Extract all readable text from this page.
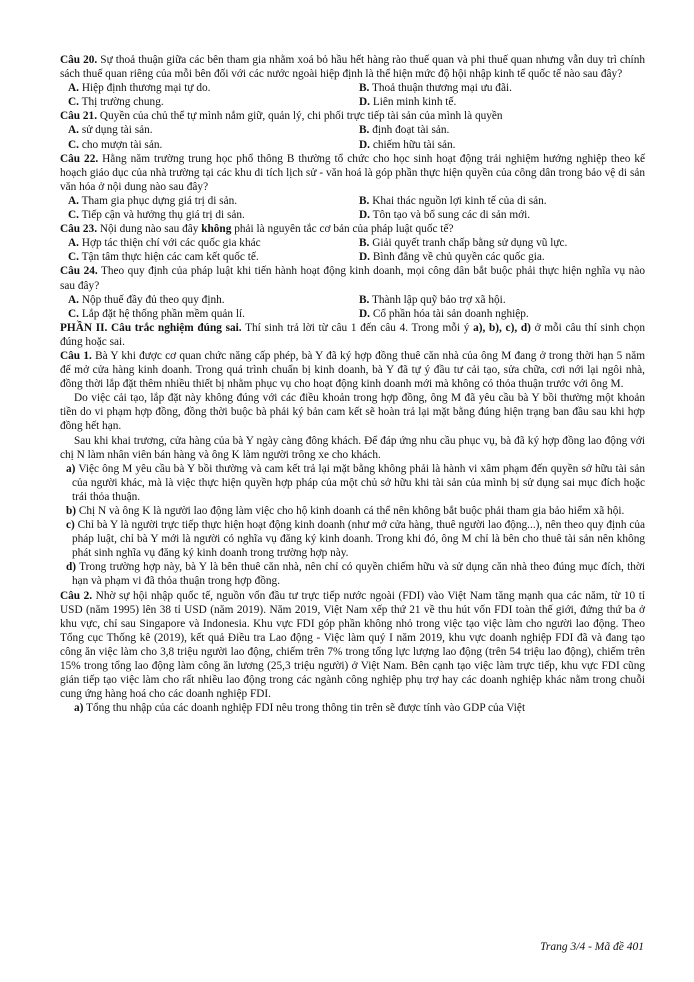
Câu 20. Sự thoả thuận giữa các bên tham gia nhằm xoá bỏ hầu hết hàng rào thuế quan và phi thuế quan nhưng vẫn duy trì chính sách thuế quan riêng của mỗi bên đối với các nước ngoài hiệp định là thể hiện mức độ hội nhập kinh tế quốc tế nào sau đây?

A. Hiệp định thương mại tự do.	B. Thoả thuận thương mại ưu đãi.
C. Thị trường chung.	D. Liên minh kinh tế.

Câu 21. Quyền của chủ thể tự mình nắm giữ, quản lý, chi phối trực tiếp tài sản của mình là quyền

A. sử dụng tài sản.	B. định đoạt tài sản.
C. cho mượn tài sản.	D. chiếm hữu tài sản.

Câu 22. Hằng năm trường trung học phổ thông B thường tổ chức cho học sinh hoạt động trải nghiệm hướng nghiệp theo kế hoạch giáo dục của nhà trường tại các khu di tích lịch sử - văn hoá là góp phần thực hiện quyền của công dân trong bảo vệ di sản văn hóa ở nội dung nào sau đây?

A. Tham gia phục dựng giá trị di sản.	B. Khai thác nguồn lợi kinh tế của di sản.
C. Tiếp cận và hưởng thụ giá trị di sản.	D. Tôn tạo và bổ sung các di sản mới.

Câu 23. Nội dung nào sau đây không phải là nguyên tắc cơ bản của pháp luật quốc tế?

A. Hợp tác thiện chí với các quốc gia khác	B. Giải quyết tranh chấp bằng sử dụng vũ lực.
C. Tận tâm thực hiện các cam kết quốc tế.	D. Bình đẳng về chủ quyền các quốc gia.

Câu 24. Theo quy định của pháp luật khi tiến hành hoạt động kinh doanh, mọi công dân bắt buộc phải thực hiện nghĩa vụ nào sau đây?

A. Nộp thuế đầy đủ theo quy định.	B. Thành lập quỹ bảo trợ xã hội.
C. Lắp đặt hệ thống phần mềm quản lí.	D. Cổ phần hóa tài sản doanh nghiệp.

PHẦN II. Câu trắc nghiệm đúng sai. Thí sinh trả lời từ câu 1 đến câu 4. Trong mỗi ý a), b), c), d) ở mỗi câu thí sinh chọn đúng hoặc sai.

Câu 1. Bà Y khi được cơ quan chức năng cấp phép, bà Y đã ký hợp đồng thuê căn nhà của ông M đang ở trong thời hạn 5 năm để mở cửa hàng kinh doanh. Trong quá trình chuẩn bị kinh doanh, bà Y đã tự ý đầu tư cải tạo, sửa chữa, cơi nới lại ngôi nhà, đồng thời lắp đặt thêm nhiều thiết bị nhằm phục vụ cho hoạt động kinh doanh mới mà không có thỏa thuận trước với ông M.

Do việc cải tạo, lắp đặt này không đúng với các điều khoản trong hợp đồng, ông M đã yêu cầu bà Y bồi thường một khoản tiền do vi phạm hợp đồng, đồng thời buộc bà phải ký bản cam kết sẽ hoàn trả lại mặt bằng đúng hiện trạng ban đầu sau khi hợp đồng hết hạn.

Sau khi khai trương, cửa hàng của bà Y ngày càng đông khách. Để đáp ứng nhu cầu phục vụ, bà đã ký hợp đồng lao động với chị N làm nhân viên bán hàng và ông K làm người trông xe cho khách.

a) Việc ông M yêu cầu bà Y bồi thường và cam kết trả lại mặt bằng không phải là hành vi xâm phạm đến quyền sở hữu tài sản của người khác, mà là việc thực hiện quyền hợp pháp của một chủ sở hữu khi tài sản của mình bị sử dụng sai mục đích hoặc trái thỏa thuận.

b) Chị N và ông K là người lao động làm việc cho hộ kinh doanh cá thể nên không bắt buộc phải tham gia bảo hiểm xã hội.

c) Chỉ bà Y là người trực tiếp thực hiện hoạt động kinh doanh (như mở cửa hàng, thuê người lao động...), nên theo quy định của pháp luật, chỉ bà Y mới là người có nghĩa vụ đăng ký kinh doanh. Trong khi đó, ông M chỉ là bên cho thuê tài sản nên không phát sinh nghĩa vụ đăng ký kinh doanh trong trường hợp này.

d) Trong trường hợp này, bà Y là bên thuê căn nhà, nên chỉ có quyền chiếm hữu và sử dụng căn nhà theo đúng mục đích, thời hạn và phạm vi đã thỏa thuận trong hợp đồng.

Câu 2. Nhờ sự hội nhập quốc tế, nguồn vốn đầu tư trực tiếp nước ngoài (FDI) vào Việt Nam tăng mạnh qua các năm, từ 10 tỉ USD (năm 1995) lên 38 tỉ USD (năm 2019). Năm 2019, Việt Nam xếp thứ 21 về thu hút vốn FDI toàn thế giới, đứng thứ ba ở khu vực, chỉ sau Singapore và Indonesia. Khu vực FDI góp phần không nhỏ trong việc tạo việc làm cho người lao động. Theo Tổng cục Thống kê (2019), kết quả Điều tra Lao động - Việc làm quý I năm 2019, khu vực doanh nghiệp FDI đã và đang tạo công ăn việc làm cho 3,8 triệu người lao động, chiếm trên 7% trong tổng lực lượng lao động (trên 54 triệu lao động), chiếm trên 15% trong tổng lao động làm công ăn lương (25,3 triệu người) ở Việt Nam. Bên cạnh tạo việc làm trực tiếp, khu vực FDI cũng gián tiếp tạo việc làm cho rất nhiều lao động trong các ngành công nghiệp phụ trợ hay các doanh nghiệp khác nằm trong chuỗi cung ứng hàng hoá cho các doanh nghiệp FDI.

a) Tổng thu nhập của các doanh nghiệp FDI nêu trong thông tin trên sẽ được tính vào GDP của Việt

Trang 3/4 - Mã đề 401
